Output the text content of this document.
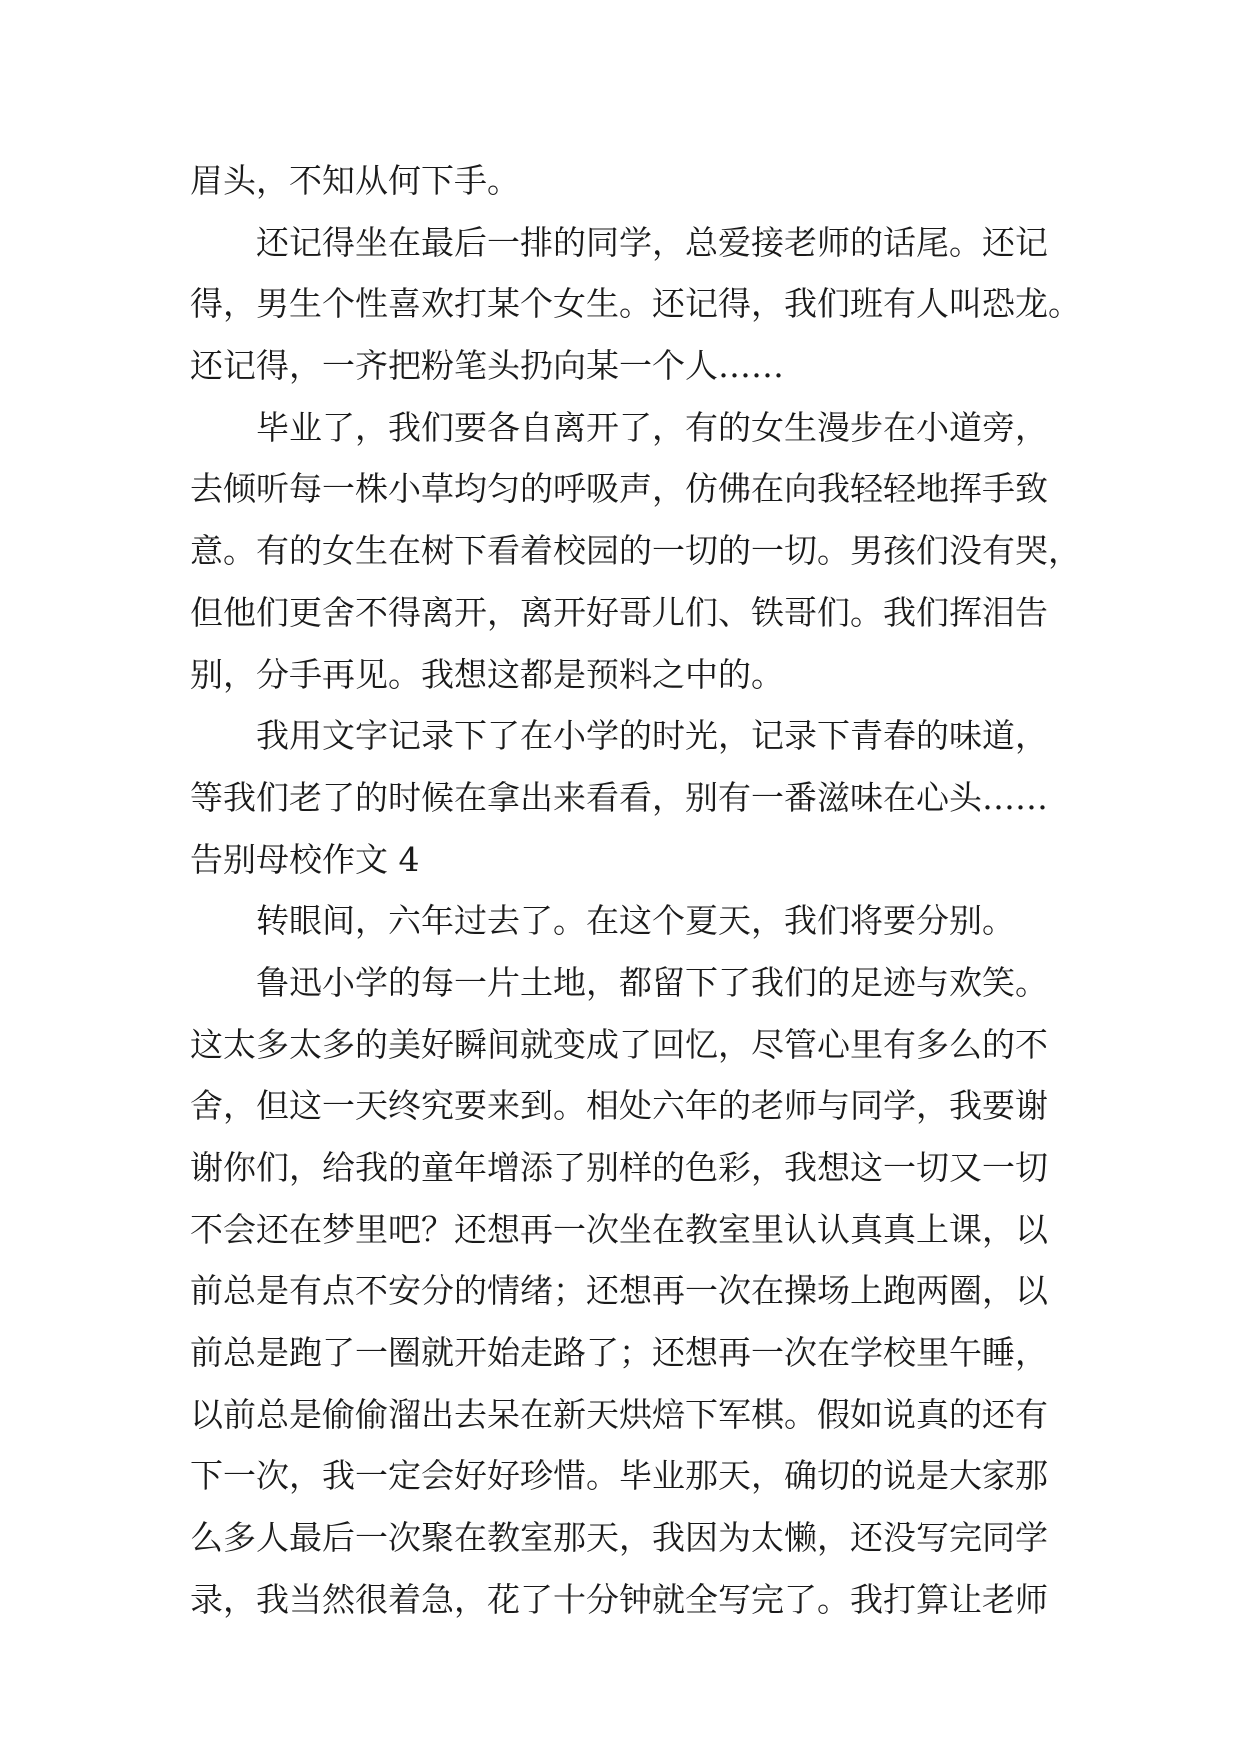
眉头，不知从何下手。
还记得坐在最后一排的同学，总爱接老师的话尾。还记
得，男生个性喜欢打某个女生。还记得，我们班有人叫恐龙。
还记得，一齐把粉笔头扔向某一个人……
毕业了，我们要各自离开了，有的女生漫步在小道旁，
去倾听每一株小草均匀的呼吸声，仿佛在向我轻轻地挥手致
意。有的女生在树下看着校园的一切的一切。男孩们没有哭，
但他们更舍不得离开，离开好哥儿们、铁哥们。我们挥泪告
别，分手再见。我想这都是预料之中的。
我用文字记录下了在小学的时光，记录下青春的味道，
等我们老了的时候在拿出来看看，别有一番滋味在心头……
告别母校作文 4
转眼间，六年过去了。在这个夏天，我们将要分别。
鲁迅小学的每一片土地，都留下了我们的足迹与欢笑。
这太多太多的美好瞬间就变成了回忆，尽管心里有多么的不
舍，但这一天终究要来到。相处六年的老师与同学，我要谢
谢你们，给我的童年增添了别样的色彩，我想这一切又一切
不会还在梦里吧？还想再一次坐在教室里认认真真上课，以
前总是有点不安分的情绪；还想再一次在操场上跑两圈，以
前总是跑了一圈就开始走路了；还想再一次在学校里午睡，
以前总是偷偷溜出去呆在新天烘焙下军棋。假如说真的还有
下一次，我一定会好好珍惜。毕业那天，确切的说是大家那
么多人最后一次聚在教室那天，我因为太懒，还没写完同学
录，我当然很着急，花了十分钟就全写完了。我打算让老师
